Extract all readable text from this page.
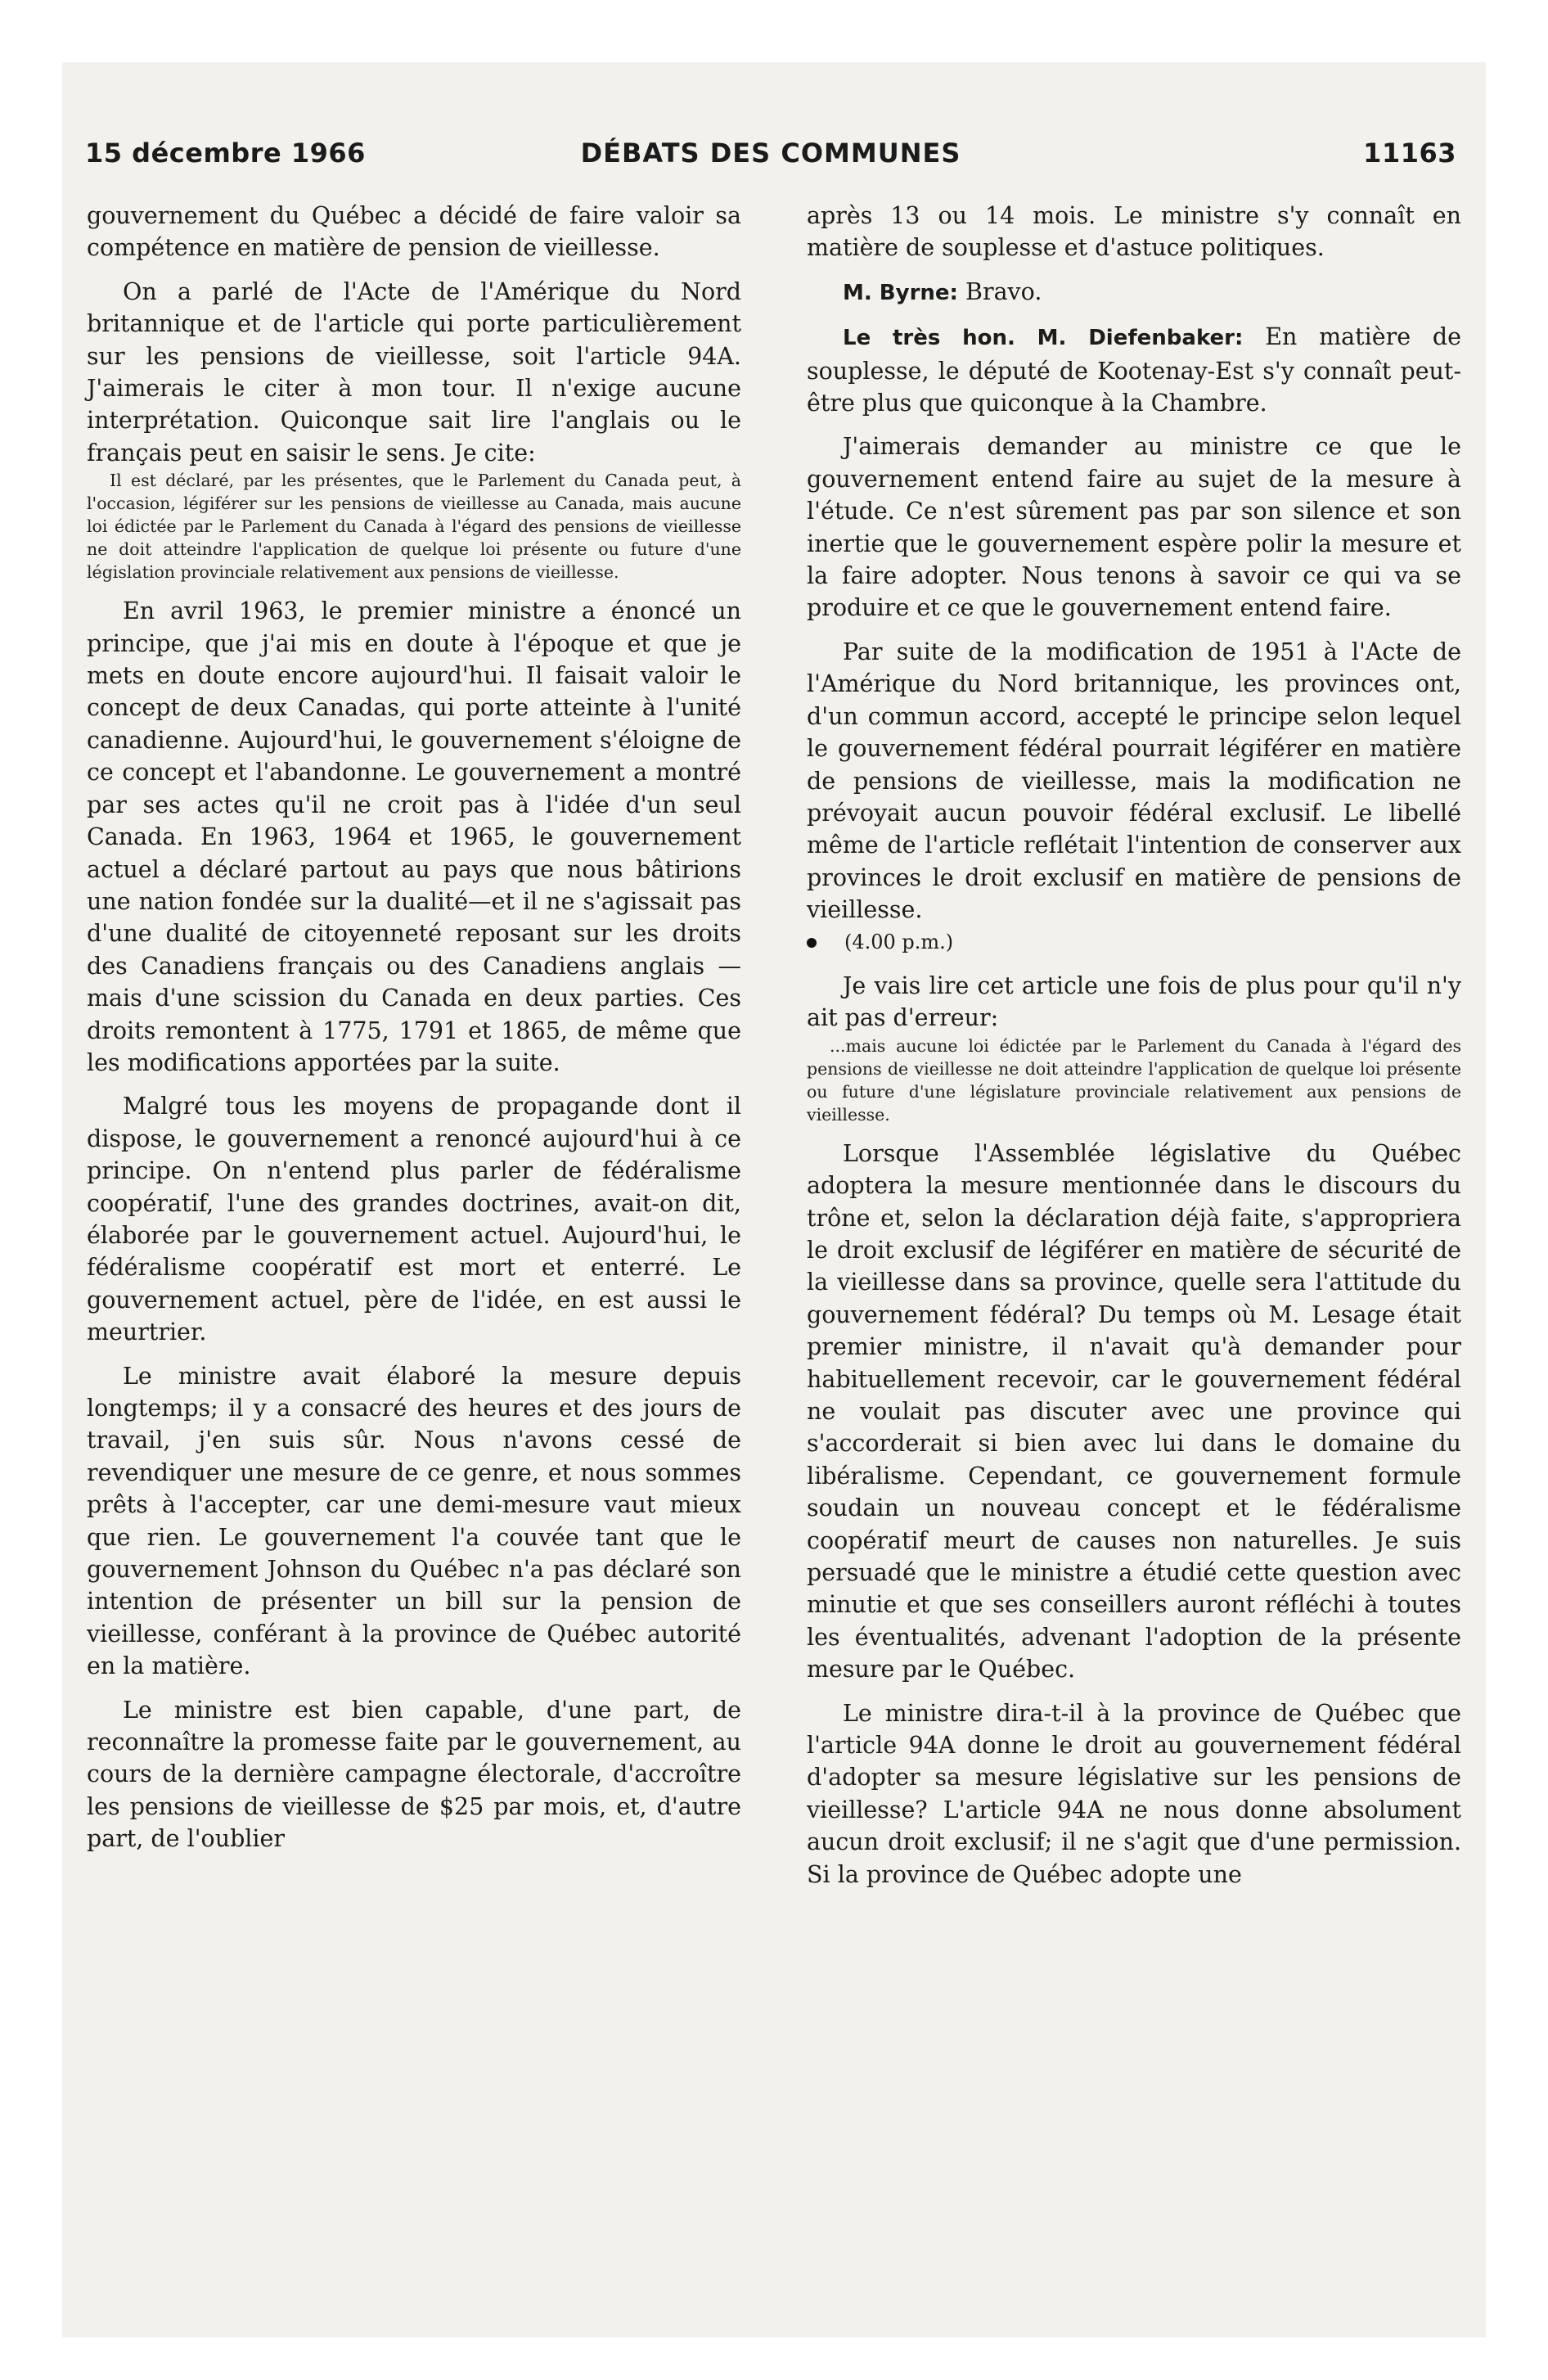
15 décembre 1966	DÉBATS DES COMMUNES	11163

gouvernement du Québec a décidé de faire valoir sa compétence en matière de pension de vieillesse.

On a parlé de l'Acte de l'Amérique du Nord britannique et de l'article qui porte particulièrement sur les pensions de vieillesse, soit l'article 94A. J'aimerais le citer à mon tour. Il n'exige aucune interprétation. Quiconque sait lire l'anglais ou le français peut en saisir le sens. Je cite:

Il est déclaré, par les présentes, que le Parlement du Canada peut, à l'occasion, légiférer sur les pensions de vieillesse au Canada, mais aucune loi édictée par le Parlement du Canada à l'égard des pensions de vieillesse ne doit atteindre l'application de quelque loi présente ou future d'une législation provinciale relativement aux pensions de vieillesse.

En avril 1963, le premier ministre a énoncé un principe, que j'ai mis en doute à l'époque et que je mets en doute encore aujourd'hui. Il faisait valoir le concept de deux Canadas, qui porte atteinte à l'unité canadienne. Aujourd'hui, le gouvernement s'éloigne de ce concept et l'abandonne. Le gouvernement a montré par ses actes qu'il ne croit pas à l'idée d'un seul Canada. En 1963, 1964 et 1965, le gouvernement actuel a déclaré partout au pays que nous bâtirions une nation fondée sur la dualité—et il ne s'agissait pas d'une dualité de citoyenneté reposant sur les droits des Canadiens français ou des Canadiens anglais —mais d'une scission du Canada en deux parties. Ces droits remontent à 1775, 1791 et 1865, de même que les modifications apportées par la suite.

Malgré tous les moyens de propagande dont il dispose, le gouvernement a renoncé aujourd'hui à ce principe. On n'entend plus parler de fédéralisme coopératif, l'une des grandes doctrines, avait-on dit, élaborée par le gouvernement actuel. Aujourd'hui, le fédéralisme coopératif est mort et enterré. Le gouvernement actuel, père de l'idée, en est aussi le meurtrier.

Le ministre avait élaboré la mesure depuis longtemps; il y a consacré des heures et des jours de travail, j'en suis sûr. Nous n'avons cessé de revendiquer une mesure de ce genre, et nous sommes prêts à l'accepter, car une demi-mesure vaut mieux que rien. Le gouvernement l'a couvée tant que le gouvernement Johnson du Québec n'a pas déclaré son intention de présenter un bill sur la pension de vieillesse, conférant à la province de Québec autorité en la matière.

Le ministre est bien capable, d'une part, de reconnaître la promesse faite par le gouvernement, au cours de la dernière campagne électorale, d'accroître les pensions de vieillesse de $25 par mois, et, d'autre part, de l'oublier

après 13 ou 14 mois. Le ministre s'y connaît en matière de souplesse et d'astuce politiques.

M. Byrne: Bravo.

Le très hon. M. Diefenbaker: En matière de souplesse, le député de Kootenay-Est s'y connaît peut-être plus que quiconque à la Chambre.

J'aimerais demander au ministre ce que le gouvernement entend faire au sujet de la mesure à l'étude. Ce n'est sûrement pas par son silence et son inertie que le gouvernement espère polir la mesure et la faire adopter. Nous tenons à savoir ce qui va se produire et ce que le gouvernement entend faire.

Par suite de la modification de 1951 à l'Acte de l'Amérique du Nord britannique, les provinces ont, d'un commun accord, accepté le principe selon lequel le gouvernement fédéral pourrait légiférer en matière de pensions de vieillesse, mais la modification ne prévoyait aucun pouvoir fédéral exclusif. Le libellé même de l'article reflétait l'intention de conserver aux provinces le droit exclusif en matière de pensions de vieillesse.

(4.00 p.m.)

Je vais lire cet article une fois de plus pour qu'il n'y ait pas d'erreur:

...mais aucune loi édictée par le Parlement du Canada à l'égard des pensions de vieillesse ne doit atteindre l'application de quelque loi présente ou future d'une législature provinciale relativement aux pensions de vieillesse.

Lorsque l'Assemblée législative du Québec adoptera la mesure mentionnée dans le discours du trône et, selon la déclaration déjà faite, s'appropriera le droit exclusif de légiférer en matière de sécurité de la vieillesse dans sa province, quelle sera l'attitude du gouvernement fédéral? Du temps où M. Lesage était premier ministre, il n'avait qu'à demander pour habituellement recevoir, car le gouvernement fédéral ne voulait pas discuter avec une province qui s'accorderait si bien avec lui dans le domaine du libéralisme. Cependant, ce gouvernement formule soudain un nouveau concept et le fédéralisme coopératif meurt de causes non naturelles. Je suis persuadé que le ministre a étudié cette question avec minutie et que ses conseillers auront réfléchi à toutes les éventualités, advenant l'adoption de la présente mesure par le Québec.

Le ministre dira-t-il à la province de Québec que l'article 94A donne le droit au gouvernement fédéral d'adopter sa mesure législative sur les pensions de vieillesse? L'article 94A ne nous donne absolument aucun droit exclusif; il ne s'agit que d'une permission. Si la province de Québec adopte une
